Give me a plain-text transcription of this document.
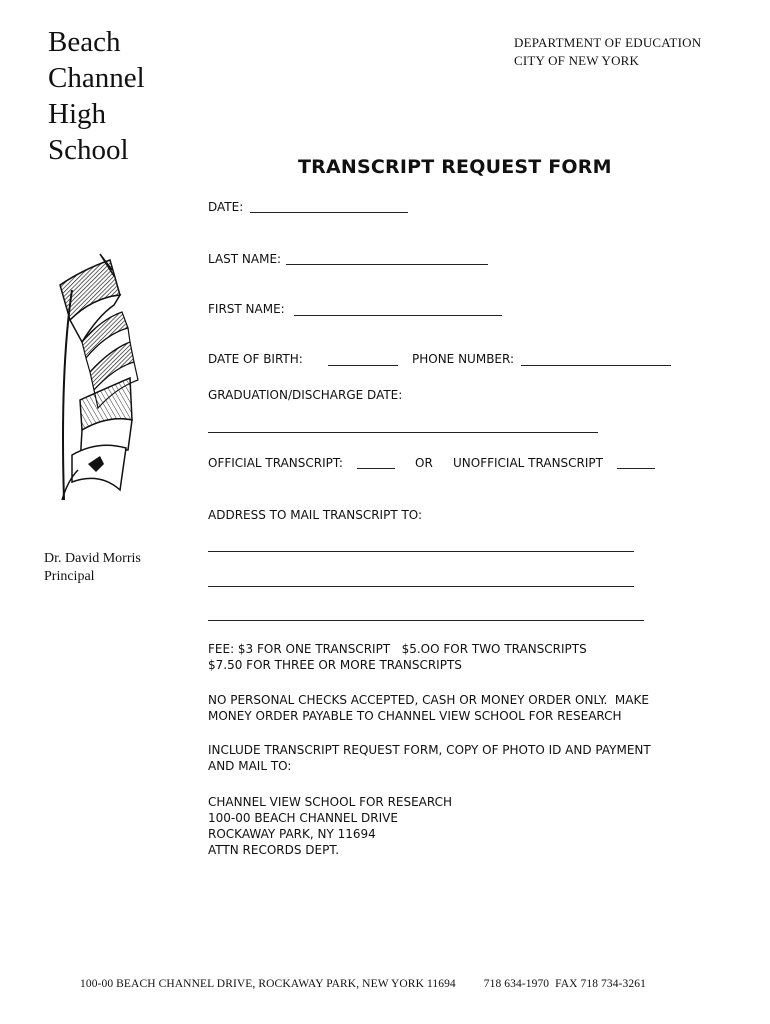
Beach
Channel
High
School
DEPARTMENT OF EDUCATION
CITY OF NEW YORK
TRANSCRIPT REQUEST FORM
Dr. David Morris
Principal
DATE:
LAST NAME:
FIRST NAME:
DATE OF BIRTH:	PHONE NUMBER:
GRADUATION/DISCHARGE DATE:
OFFICIAL TRANSCRIPT:	OR UNOFFICIAL TRANSCRIPT
ADDRESS TO MAIL TRANSCRIPT TO:
FEE: $3 FOR ONE TRANSCRIPT   $5.OO FOR TWO TRANSCRIPTS
$7.50 FOR THREE OR MORE TRANSCRIPTS
NO PERSONAL CHECKS ACCEPTED, CASH OR MONEY ORDER ONLY.  MAKE
MONEY ORDER PAYABLE TO CHANNEL VIEW SCHOOL FOR RESEARCH
INCLUDE TRANSCRIPT REQUEST FORM, COPY OF PHOTO ID AND PAYMENT
AND MAIL TO:
CHANNEL VIEW SCHOOL FOR RESEARCH
100-00 BEACH CHANNEL DRIVE
ROCKAWAY PARK, NY 11694
ATTN RECORDS DEPT.
100-00 BEACH CHANNEL DRIVE, ROCKAWAY PARK, NEW YORK 11694 718 634-1970  FAX 718 734-3261
